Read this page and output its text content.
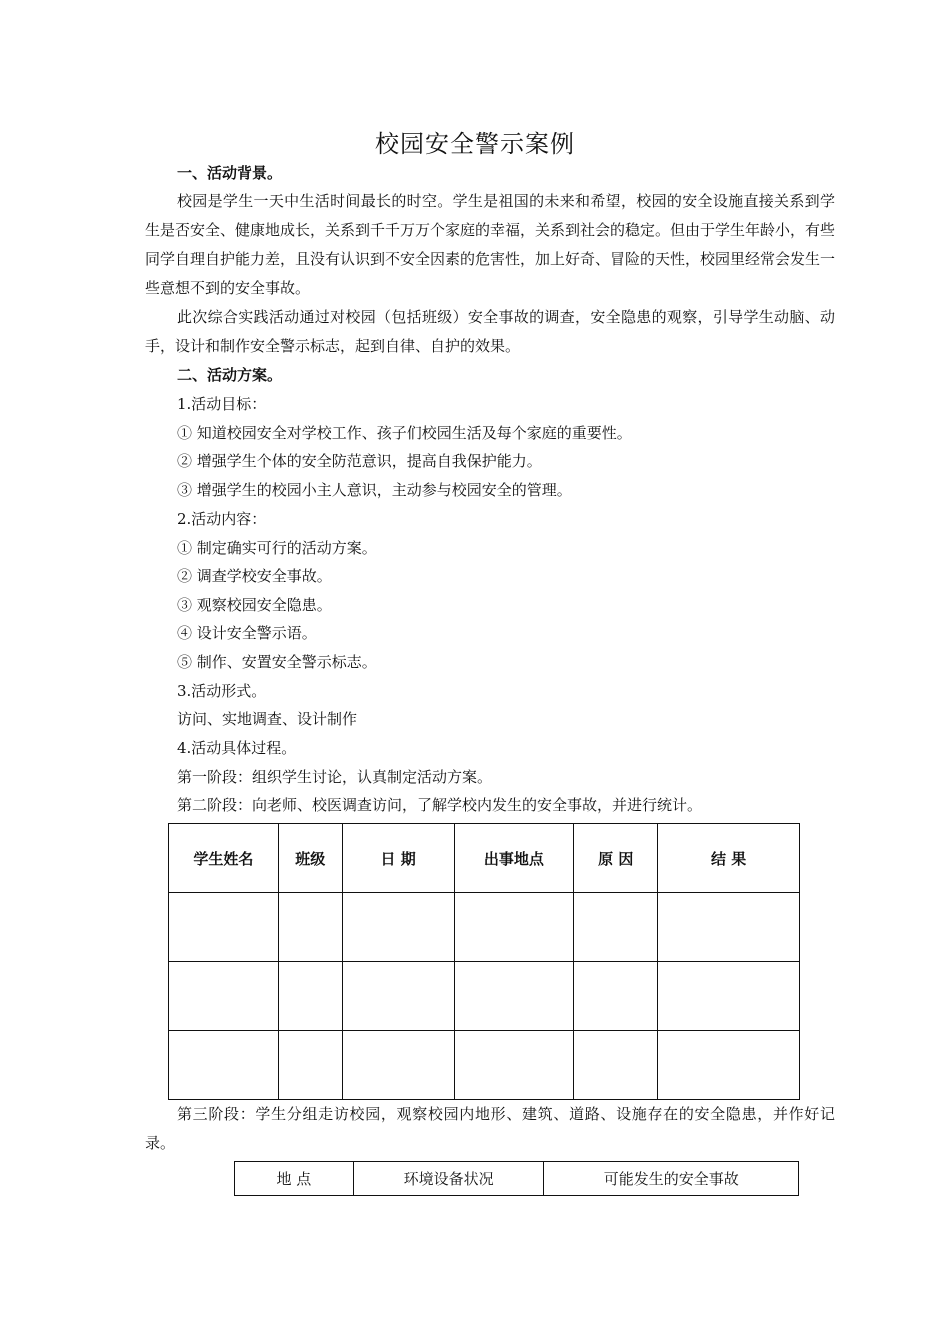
校园安全警示案例
一、活动背景。
校园是学生一天中生活时间最长的时空。学生是祖国的未来和希望，校园的安全设施直接关系到学生是否安全、健康地成长，关系到千千万万个家庭的幸福，关系到社会的稳定。但由于学生年龄小，有些同学自理自护能力差，且没有认识到不安全因素的危害性，加上好奇、冒险的天性，校园里经常会发生一些意想不到的安全事故。
此次综合实践活动通过对校园（包括班级）安全事故的调查，安全隐患的观察，引导学生动脑、动手，设计和制作安全警示标志，起到自律、自护的效果。
二、活动方案。
1.活动目标：
① 知道校园安全对学校工作、孩子们校园生活及每个家庭的重要性。
② 增强学生个体的安全防范意识，提高自我保护能力。
③ 增强学生的校园小主人意识，主动参与校园安全的管理。
2.活动内容：
① 制定确实可行的活动方案。
② 调查学校安全事故。
③ 观察校园安全隐患。
④ 设计安全警示语。
⑤ 制作、安置安全警示标志。
3.活动形式。
访问、实地调查、设计制作
4.活动具体过程。
第一阶段：组织学生讨论，认真制定活动方案。
第二阶段：向老师、校医调查访问，了解学校内发生的安全事故，并进行统计。
学生姓名	班级	日 期	出事地点	原 因	结 果

第三阶段：学生分组走访校园，观察校园内地形、建筑、道路、设施存在的安全隐患，并作好记录。
地 点	环境设备状况	可能发生的安全事故
